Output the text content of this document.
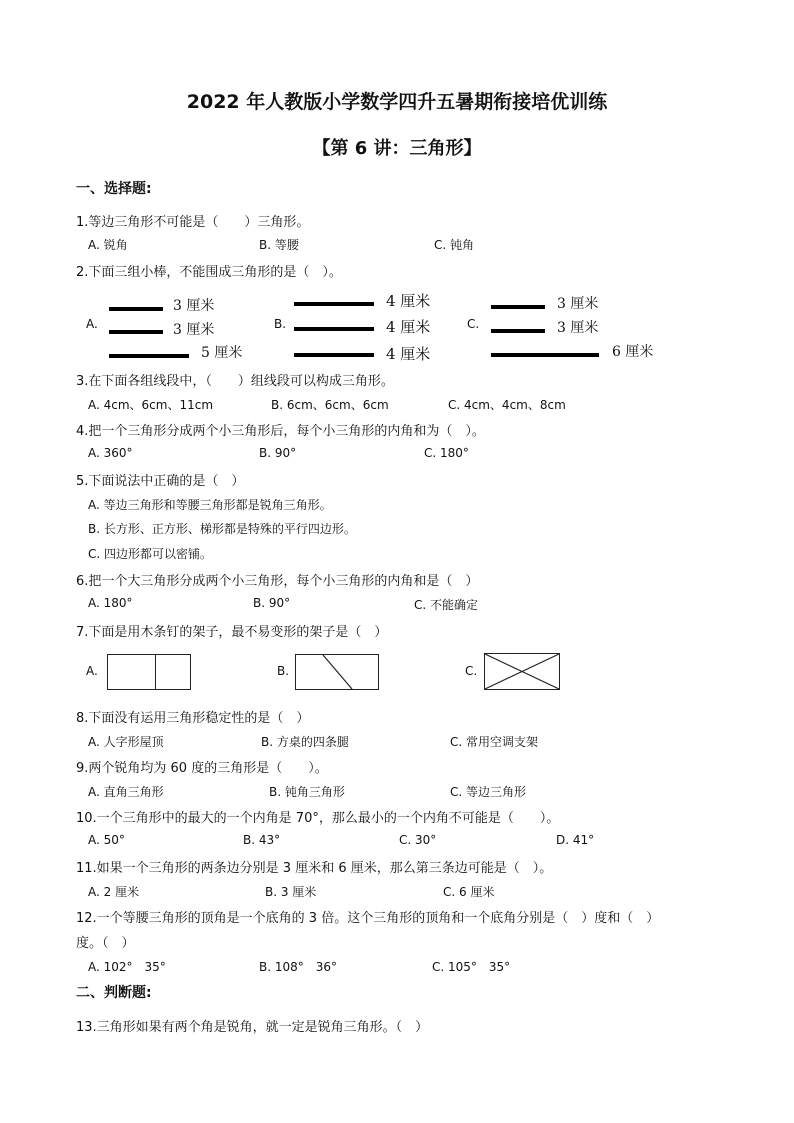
2022 年人教版小学数学四升五暑期衔接培优训练
【第 6 讲：三角形】
一、选择题:
1.等边三角形不可能是（　　）三角形。
A. 锐角	B. 等腰	C. 钝角
2.下面三组小棒，不能围成三角形的是（　）。
A.
3 厘米
3 厘米
5 厘米
B.
4 厘米
4 厘米
4 厘米
C.
3 厘米
3 厘米
6 厘米
3.在下面各组线段中，（　　）组线段可以构成三角形。
A. 4cm、6cm、11cm	B. 6cm、6cm、6cm	C. 4cm、4cm、8cm
4.把一个三角形分成两个小三角形后，每个小三角形的内角和为（　）。
A. 360°	B. 90°	C. 180°
5.下面说法中正确的是（　）
A. 等边三角形和等腰三角形都是锐角三角形。
B. 长方形、正方形、梯形都是特殊的平行四边形。
C. 四边形都可以密铺。
6.把一个大三角形分成两个小三角形，每个小三角形的内角和是（　）
A. 180°	B. 90°	C. 不能确定
7.下面是用木条钉的架子，最不易变形的架子是（　）
A.	B.	C.
8.下面没有运用三角形稳定性的是（　）
A. 人字形屋顶	B. 方桌的四条腿	C. 常用空调支架
9.两个锐角均为 60 度的三角形是（　　）。
A. 直角三角形	B. 钝角三角形	C. 等边三角形
10.一个三角形中的最大的一个内角是 70°，那么最小的一个内角不可能是（　　）。
A. 50°	B. 43°	C. 30°	D. 41°
11.如果一个三角形的两条边分别是 3 厘米和 6 厘米，那么第三条边可能是（　）。
A. 2 厘米	B. 3 厘米	C. 6 厘米
12.一个等腰三角形的顶角是一个底角的 3 倍。这个三角形的顶角和一个底角分别是（　）度和（　）
度。（　）
A. 102°　35°	B. 108°　36°	C. 105°　35°
二、判断题:
13.三角形如果有两个角是锐角，就一定是锐角三角形。（　）
